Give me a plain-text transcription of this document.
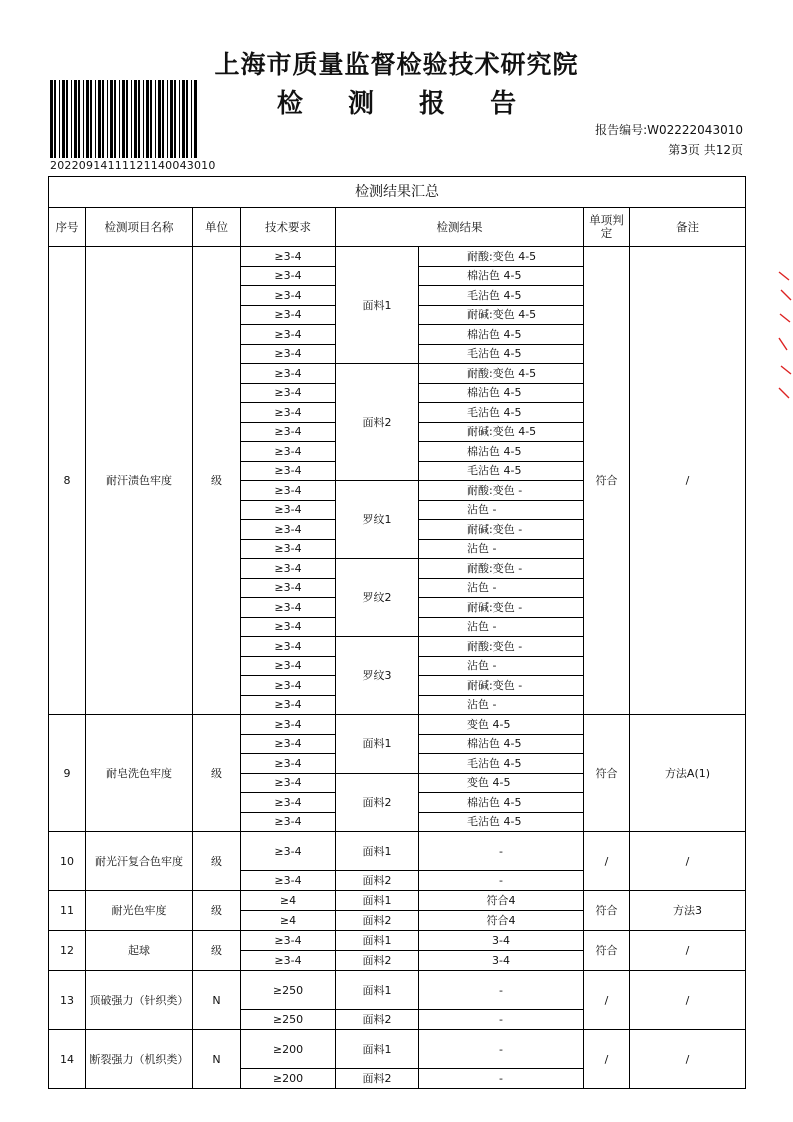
上海市质量监督检验技术研究院
检 测 报 告
20220914111121140043010
报告编号:W02222043010
第3页 共12页
检测结果汇总							
序号	检测项目名称	单位	技术要求	检测结果		单项判定	备注
8	耐汗渍色牢度	级	≥3-4	面料1	耐酸:变色 4-5	符合	/
			≥3-4		棉沾色 4-5		
			≥3-4		毛沾色 4-5		
			≥3-4		耐碱:变色 4-5		
			≥3-4		棉沾色 4-5		
			≥3-4		毛沾色 4-5		
			≥3-4	面料2	耐酸:变色 4-5		
			≥3-4		棉沾色 4-5		
			≥3-4		毛沾色 4-5		
			≥3-4		耐碱:变色 4-5		
			≥3-4		棉沾色 4-5		
			≥3-4		毛沾色 4-5		
			≥3-4	罗纹1	耐酸:变色 -		
			≥3-4		沾色 -		
			≥3-4		耐碱:变色 -		
			≥3-4		沾色 -		
			≥3-4	罗纹2	耐酸:变色 -		
			≥3-4		沾色 -		
			≥3-4		耐碱:变色 -		
			≥3-4		沾色 -		
			≥3-4	罗纹3	耐酸:变色 -		
			≥3-4		沾色 -		
			≥3-4		耐碱:变色 -		
			≥3-4		沾色 -		
9	耐皂洗色牢度	级	≥3-4	面料1	变色 4-5	符合	方法A(1)
			≥3-4		棉沾色 4-5		
			≥3-4		毛沾色 4-5		
			≥3-4	面料2	变色 4-5		
			≥3-4		棉沾色 4-5		
			≥3-4		毛沾色 4-5		
10	耐光汗复合色牢度	级	≥3-4	面料1	-	/	/
			≥3-4	面料2	-		
11	耐光色牢度	级	≥4	面料1	符合4	符合	方法3
			≥4	面料2	符合4		
12	起球	级	≥3-4	面料1	3-4	符合	/
			≥3-4	面料2	3-4		
13	顶破强力（针织类）	N	≥250	面料1	-	/	/
			≥250	面料2	-		
14	断裂强力（机织类）	N	≥200	面料1	-	/	/
			≥200	面料2	-		
